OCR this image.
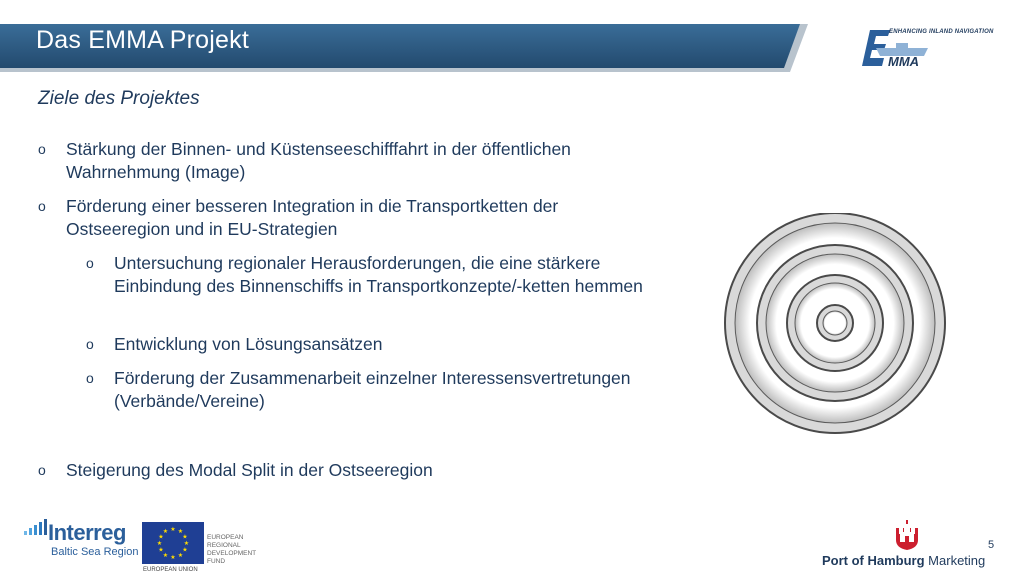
Das EMMA Projekt
MMA
ENHANCING INLAND NAVIGATION
Ziele des Projektes
o Stärkung der Binnen- und Küstenseeschifffahrt in der öffentlichen Wahrnehmung (Image)
o Förderung einer besseren Integration in die Transportketten der Ostseeregion und in EU-Strategien
o Untersuchung regionaler Herausforderungen, die eine stärkere Einbindung des Binnenschiffs in Transportkonzepte/-ketten hemmen
o Entwicklung von Lösungsansätzen
o Förderung der Zusammenarbeit einzelner Interessensvertretungen (Verbände/Vereine)
o Steigerung des Modal Split in der Ostseeregion
Interreg
Baltic Sea Region
★ ★
★
★
★
★
★
★
★
★
★
★
EUROPEAN
REGIONAL
DEVELOPMENT
FUND
EUROPEAN UNION
Port of Hamburg Marketing
5
